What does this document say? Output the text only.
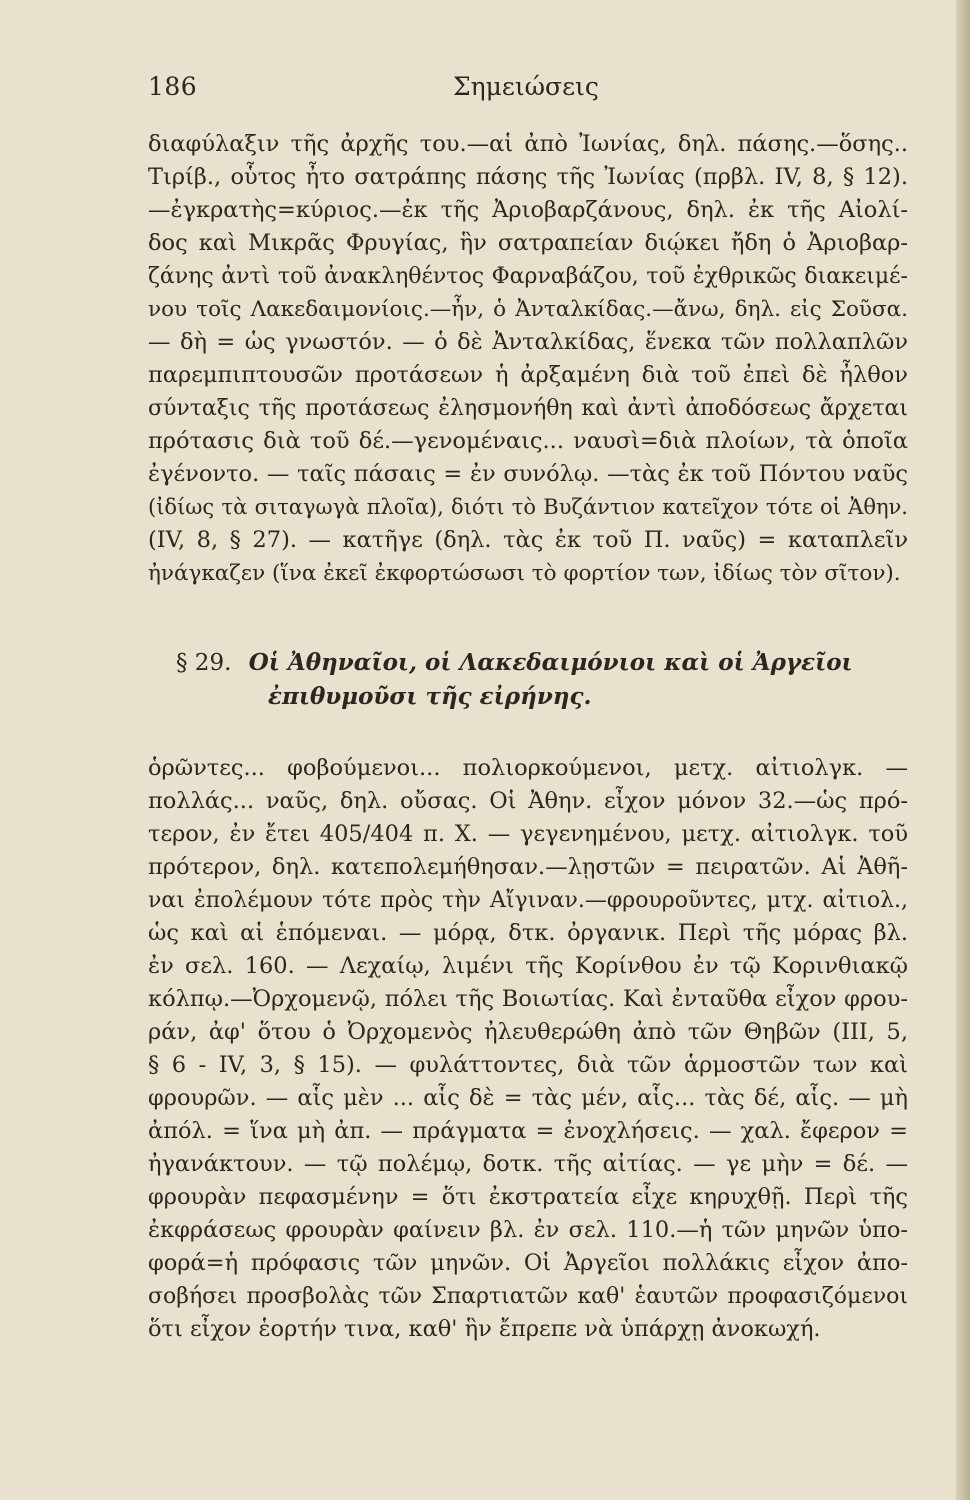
186	Σημειώσεις
διαφύλαξιν τῆς ἀρχῆς του.—αἱ ἀπὸ Ἰωνίας, δηλ. πάσης.—ὅσης..
Τιρίβ., οὗτος ἦτο σατράπης πάσης τῆς Ἰωνίας (πρβλ. IV, 8, § 12).
—ἐγκρατὴς=κύριος.—ἐκ τῆς Ἀριοβαρζάνους, δηλ. ἐκ τῆς Αἰολί-
δος καὶ Μικρᾶς Φρυγίας, ἣν σατραπείαν διῴκει ἤδη ὁ Ἀριοβαρ-
ζάνης ἀντὶ τοῦ ἀνακληθέντος Φαρναβάζου, τοῦ ἐχθρικῶς διακειμέ-
νου τοῖς Λακεδαιμονίοις.—ἦν, ὁ Ἀνταλκίδας.—ἄνω, δηλ. εἰς Σοῦσα.
— δὴ = ὡς γνωστόν. — ὁ δὲ Ἀνταλκίδας, ἕνεκα τῶν πολλαπλῶν
παρεμπιπτουσῶν προτάσεων ἡ ἀρξαμένη διὰ τοῦ ἐπεὶ δὲ ἦλθον
σύνταξις τῆς προτάσεως ἐλησμονήθη καὶ ἀντὶ ἀποδόσεως ἄρχεται
πρότασις διὰ τοῦ δέ.—γενομέναις... ναυσὶ=διὰ πλοίων, τὰ ὁποῖα
ἐγένοντο. — ταῖς πάσαις = ἐν συνόλῳ. —τὰς ἐκ τοῦ Πόντου ναῦς
(ἰδίως τὰ σιταγωγὰ πλοῖα), διότι τὸ Βυζάντιον κατεῖχον τότε οἱ Ἀθην.
(IV, 8, § 27). — κατῆγε (δηλ. τὰς ἐκ τοῦ Π. ναῦς) = καταπλεῖν
ἠνάγκαζεν (ἵνα ἐκεῖ ἐκφορτώσωσι τὸ φορτίον των, ἰδίως τὸν σῖτον).
§ 29. Οἱ Ἀθηναῖοι, οἱ Λακεδαιμόνιοι καὶ οἱ Ἀργεῖοι
ἐπιθυμοῦσι τῆς εἰρήνης.
ὁρῶντες... φοβούμενοι... πολιορκούμενοι, μετχ. αἰτιολγκ. —
πολλάς... ναῦς, δηλ. οὔσας. Οἱ Ἀθην. εἶχον μόνον 32.—ὡς πρό-
τερον, ἐν ἔτει 405/404 π. Χ. — γεγενημένου, μετχ. αἰτιολγκ. τοῦ
πρότερον, δηλ. κατεπολεμήθησαν.—λῃστῶν = πειρατῶν. Αἱ Ἀθῆ-
ναι ἐπολέμουν τότε πρὸς τὴν Αἴγιναν.—φρουροῦντες, μτχ. αἰτιολ.,
ὡς καὶ αἱ ἑπόμεναι. — μόρᾳ, δτκ. ὀργανικ. Περὶ τῆς μόρας βλ.
ἐν σελ. 160. — Λεχαίῳ, λιμένι τῆς Κορίνθου ἐν τῷ Κορινθιακῷ
κόλπῳ.—Ὀρχομενῷ, πόλει τῆς Βοιωτίας. Καὶ ἐνταῦθα εἶχον φρου-
ράν, ἀφ' ὅτου ὁ Ὀρχομενὸς ἠλευθερώθη ἀπὸ τῶν Θηβῶν (III, 5,
§ 6 - IV, 3, § 15). — φυλάττοντες, διὰ τῶν ἁρμοστῶν των καὶ
φρουρῶν. — αἷς μὲν ... αἷς δὲ = τὰς μέν, αἷς... τὰς δέ, αἷς. — μὴ
ἀπόλ. = ἵνα μὴ ἀπ. — πράγματα = ἐνοχλήσεις. — χαλ. ἔφερον =
ἠγανάκτουν. — τῷ πολέμῳ, δοτκ. τῆς αἰτίας. — γε μὴν = δέ. —
φρουρὰν πεφασμένην = ὅτι ἐκστρατεία εἶχε κηρυχθῇ. Περὶ τῆς
ἐκφράσεως φρουρὰν φαίνειν βλ. ἐν σελ. 110.—ἡ τῶν μηνῶν ὑπο-
φορά=ἡ πρόφασις τῶν μηνῶν. Οἱ Ἀργεῖοι πολλάκις εἶχον ἀπο-
σοβήσει προσβολὰς τῶν Σπαρτιατῶν καθ' ἑαυτῶν προφασιζόμενοι
ὅτι εἶχον ἑορτήν τινα, καθ' ἣν ἔπρεπε νὰ ὑπάρχῃ ἀνοκωχή.
